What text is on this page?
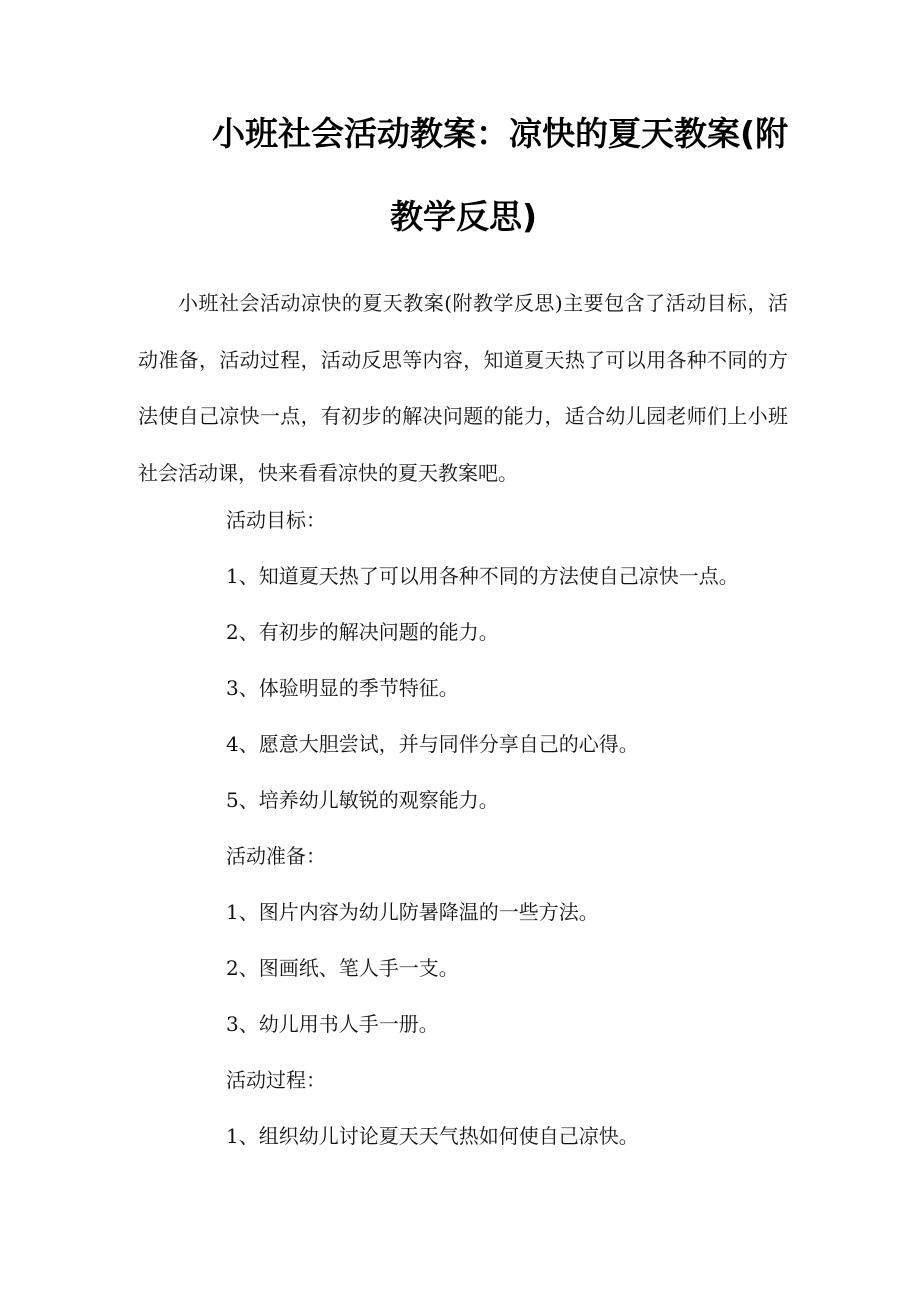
小班社会活动教案：凉快的夏天教案(附
教学反思)

小班社会活动凉快的夏天教案(附教学反思)主要包含了活动目标，活动准备，活动过程，活动反思等内容，知道夏天热了可以用各种不同的方法使自己凉快一点，有初步的解决问题的能力，适合幼儿园老师们上小班社会活动课，快来看看凉快的夏天教案吧。

活动目标：
1、知道夏天热了可以用各种不同的方法使自己凉快一点。
2、有初步的解决问题的能力。
3、体验明显的季节特征。
4、愿意大胆尝试，并与同伴分享自己的心得。
5、培养幼儿敏锐的观察能力。
活动准备：
1、图片内容为幼儿防暑降温的一些方法。
2、图画纸、笔人手一支。
3、幼儿用书人手一册。
活动过程：
1、组织幼儿讨论夏天天气热如何使自己凉快。
